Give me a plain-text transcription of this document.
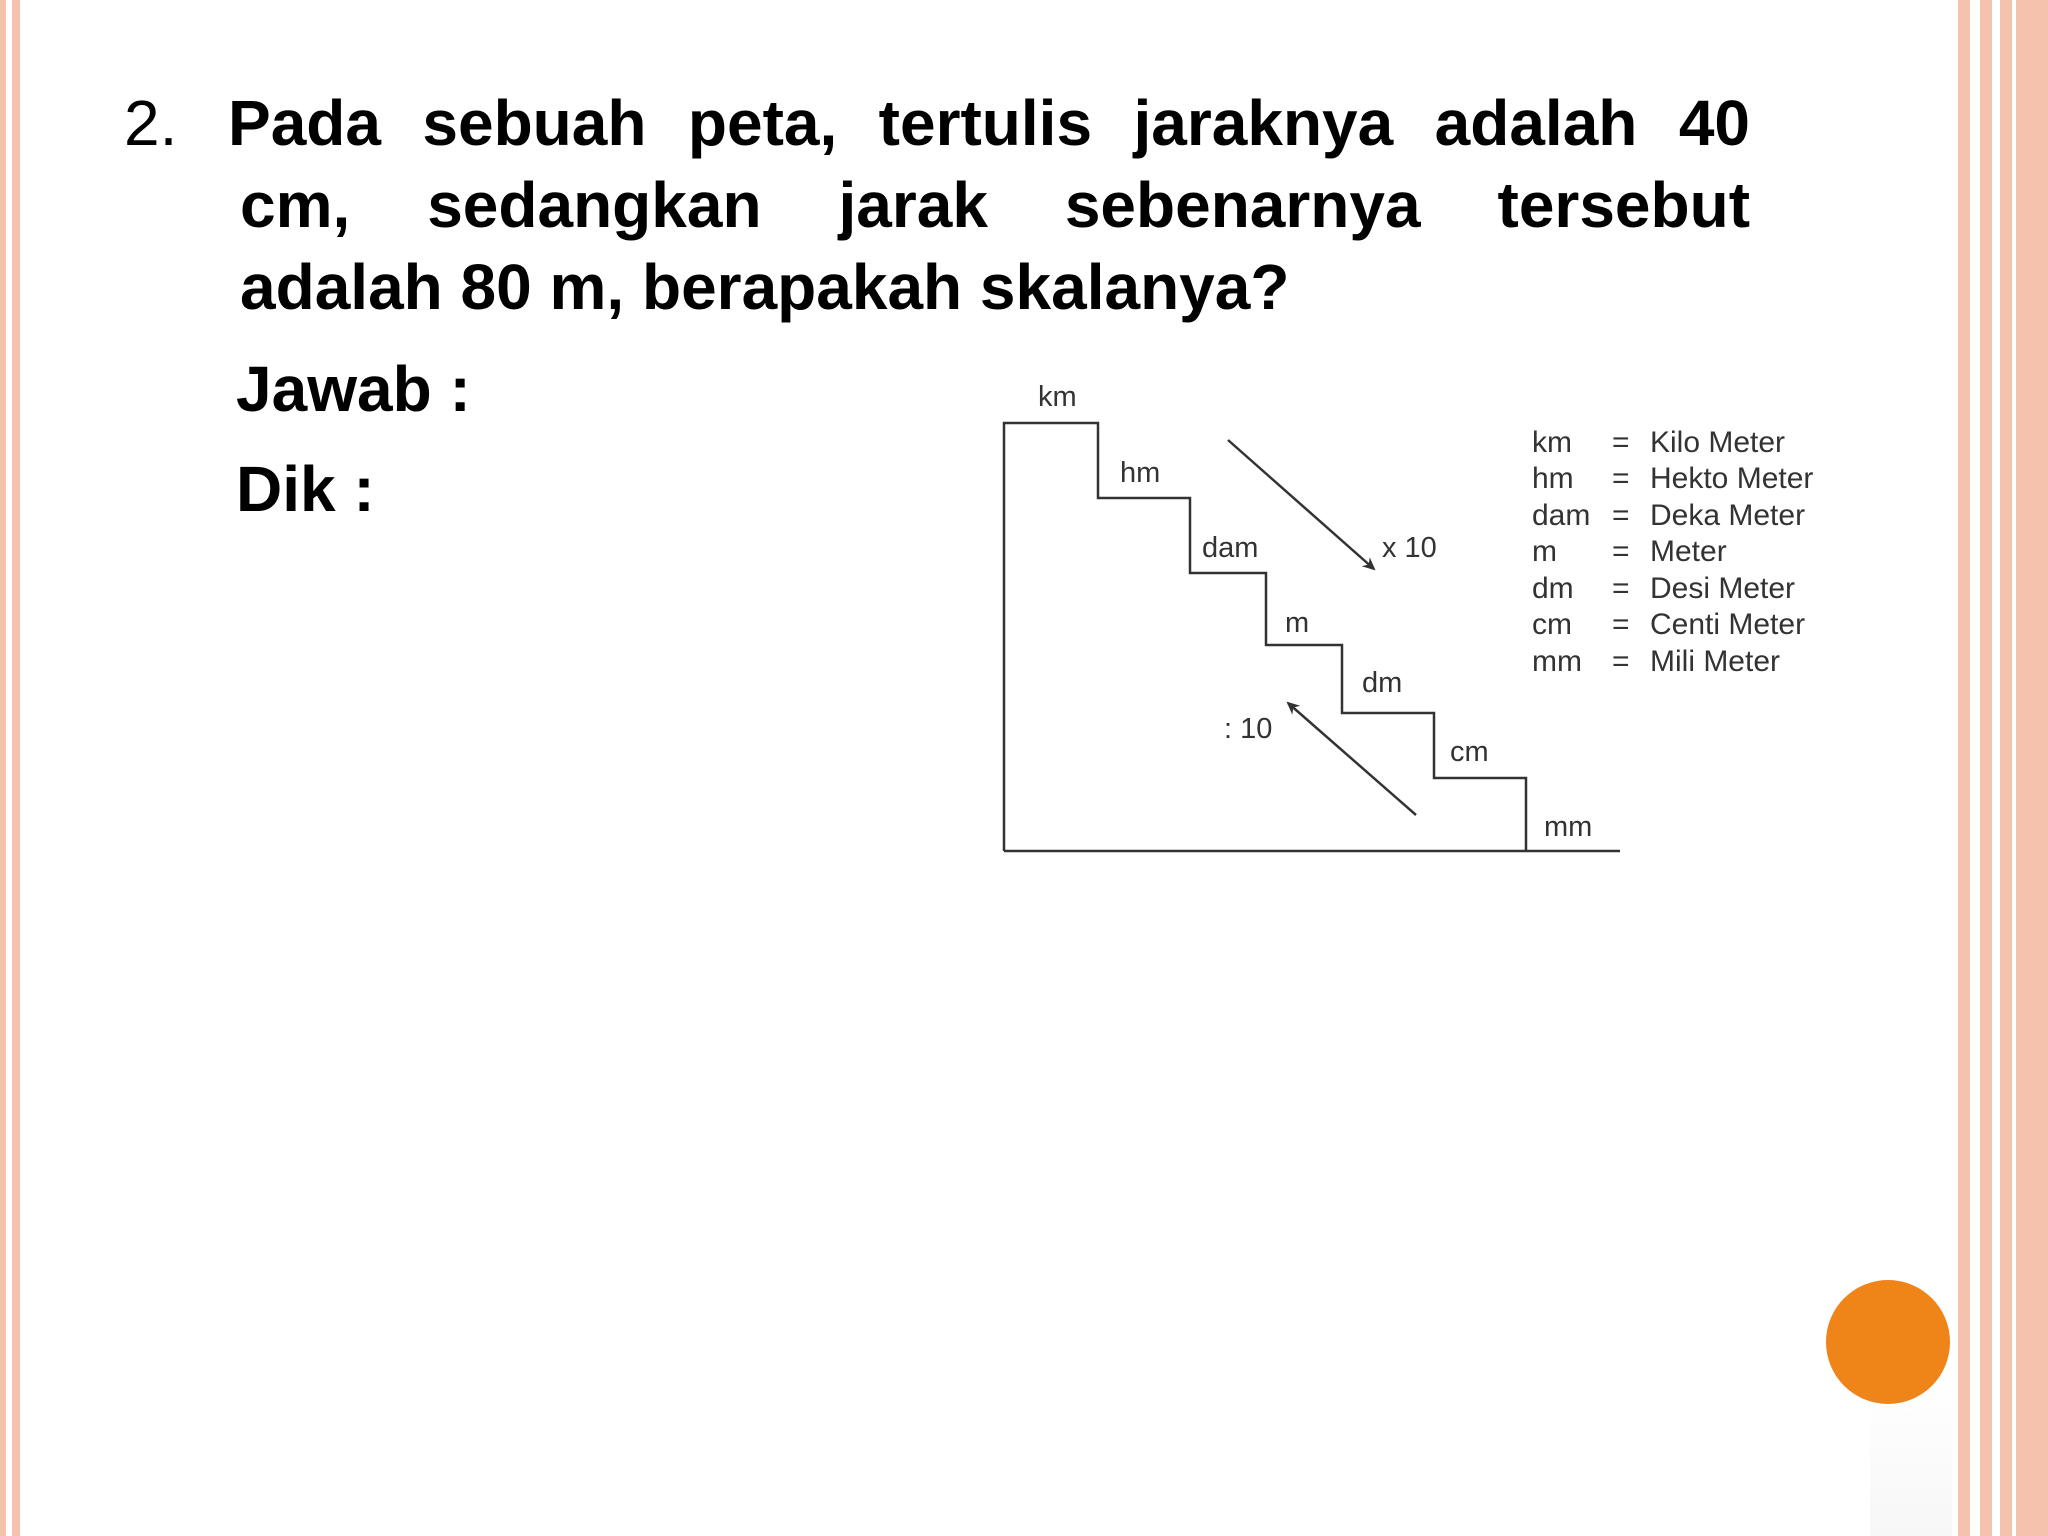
2. Pada sebuah peta, tertulis jaraknya adalah 40
cm, sedangkan jarak sebenarnya tersebut
adalah 80 m, berapakah skalanya?
Jawab :
Dik :
km
hm
dam
m
dm
cm
mm
x 10
: 10
km = Kilo Meter
hm = Hekto Meter
dam = Deka Meter
m = Meter
dm = Desi Meter
cm = Centi Meter
mm = Mili Meter
